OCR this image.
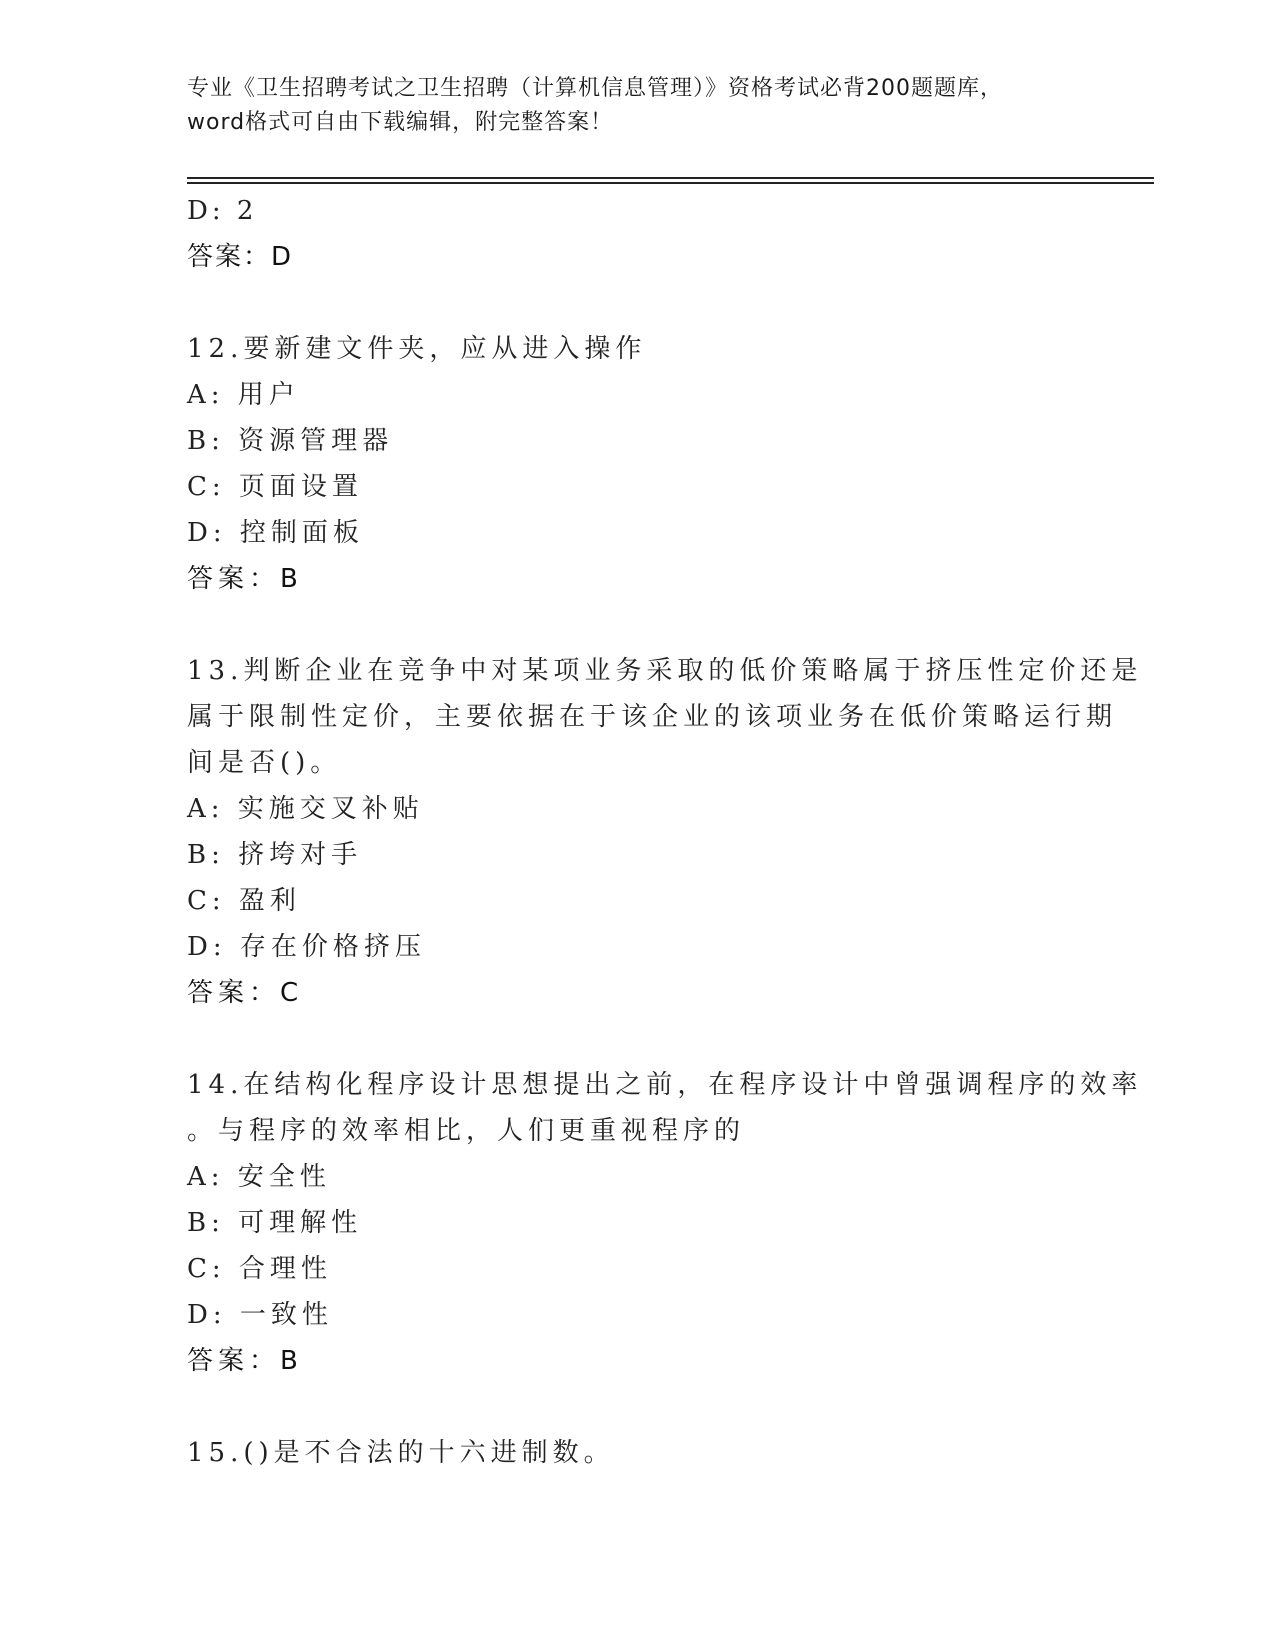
专业《卫生招聘考试之卫生招聘（计算机信息管理）》资格考试必背200题题库，
word格式可自由下载编辑，附完整答案！
D: 2
答案：D
12.要新建文件夹，应从进入操作
A: 用户
B: 资源管理器
C: 页面设置
D: 控制面板
答案：B
13.判断企业在竞争中对某项业务采取的低价策略属于挤压性定价还是
属于限制性定价，主要依据在于该企业的该项业务在低价策略运行期
间是否()。
A: 实施交叉补贴
B: 挤垮对手
C: 盈利
D: 存在价格挤压
答案：C
14.在结构化程序设计思想提出之前，在程序设计中曾强调程序的效率
。与程序的效率相比，人们更重视程序的
A: 安全性
B: 可理解性
C: 合理性
D: 一致性
答案：B
15.()是不合法的十六进制数。
